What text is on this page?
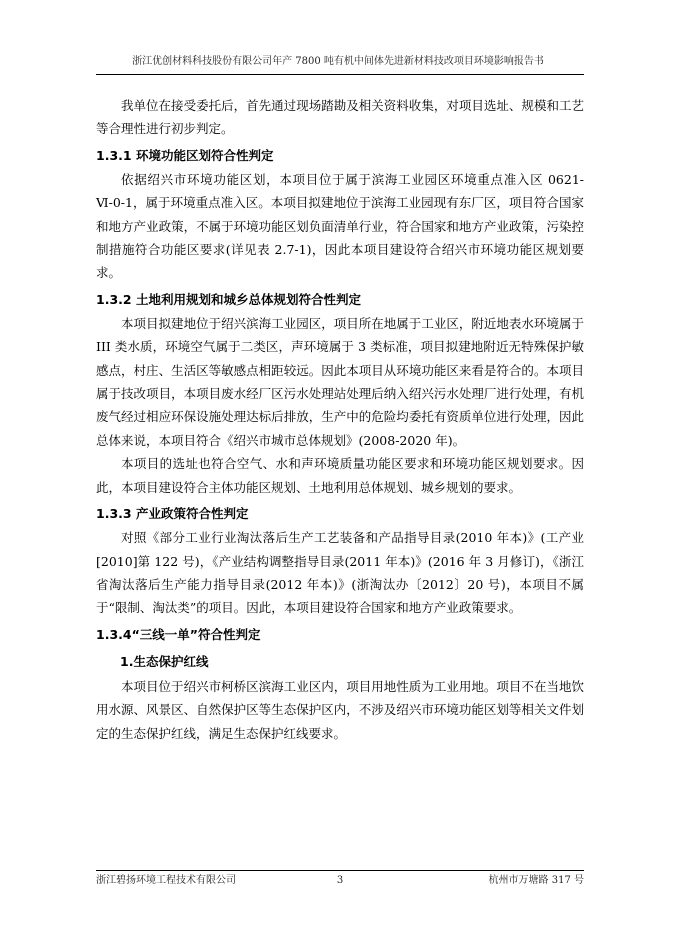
浙江优创材料科技股份有限公司年产 7800 吨有机中间体先进新材料技改项目环境影响报告书

我单位在接受委托后，首先通过现场踏勘及相关资料收集，对项目选址、规模和工艺等合理性进行初步判定。

1.3.1 环境功能区划符合性判定

依据绍兴市环境功能区划，本项目位于属于滨海工业园区环境重点准入区 0621-Ⅵ-0-1，属于环境重点准入区。本项目拟建地位于滨海工业园现有东厂区，项目符合国家和地方产业政策，不属于环境功能区划负面清单行业，符合国家和地方产业政策，污染控制措施符合功能区要求(详见表 2.7-1)，因此本项目建设符合绍兴市环境功能区规划要求。

1.3.2 土地利用规划和城乡总体规划符合性判定

本项目拟建地位于绍兴滨海工业园区，项目所在地属于工业区，附近地表水环境属于 III 类水质，环境空气属于二类区，声环境属于 3 类标准，项目拟建地附近无特殊保护敏感点，村庄、生活区等敏感点相距较远。因此本项目从环境功能区来看是符合的。本项目属于技改项目，本项目废水经厂区污水处理站处理后纳入绍兴污水处理厂进行处理，有机废气经过相应环保设施处理达标后排放，生产中的危险均委托有资质单位进行处理，因此总体来说，本项目符合《绍兴市城市总体规划》(2008-2020 年)。

本项目的选址也符合空气、水和声环境质量功能区要求和环境功能区规划要求。因此，本项目建设符合主体功能区规划、土地利用总体规划、城乡规划的要求。

1.3.3 产业政策符合性判定

对照《部分工业行业淘汰落后生产工艺装备和产品指导目录(2010 年本)》(工产业[2010]第 122 号)，《产业结构调整指导目录(2011 年本)》(2016 年 3 月修订)，《浙江省淘汰落后生产能力指导目录(2012 年本)》(浙淘汰办〔2012〕20 号)，本项目不属于“限制、淘汰类”的项目。因此，本项目建设符合国家和地方产业政策要求。

1.3.4“三线一单”符合性判定
1.生态保护红线

本项目位于绍兴市柯桥区滨海工业区内，项目用地性质为工业用地。项目不在当地饮用水源、风景区、自然保护区等生态保护区内，不涉及绍兴市环境功能区划等相关文件划定的生态保护红线，满足生态保护红线要求。

浙江碧扬环境工程技术有限公司	3	杭州市万塘路 317 号
